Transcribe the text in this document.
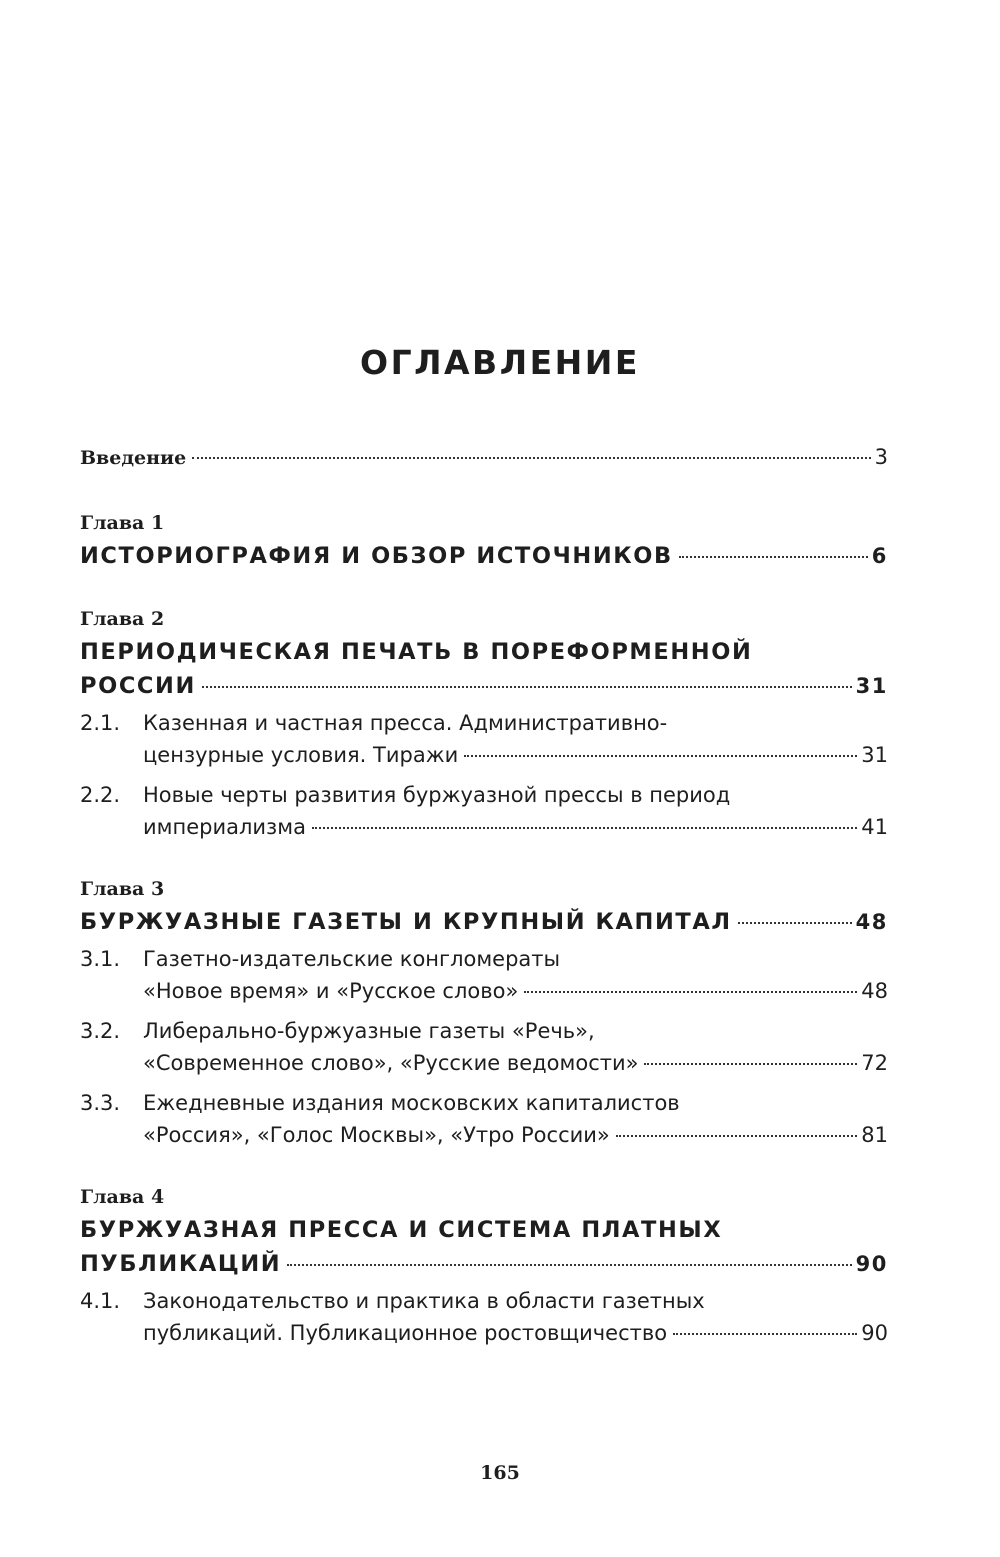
ОГЛАВЛЕНИЕ
Введение	3
Глава 1
ИСТОРИОГРАФИЯ И ОБЗОР ИСТОЧНИКОВ	6
Глава 2
ПЕРИОДИЧЕСКАЯ ПЕЧАТЬ В ПОРЕФОРМЕННОЙ
РОССИИ	31
2.1. Казенная и частная пресса. Административно-
цензурные условия. Тиражи	31
2.2. Новые черты развития буржуазной прессы в период
империализма	41
Глава 3
БУРЖУАЗНЫЕ ГАЗЕТЫ И КРУПНЫЙ КАПИТАЛ	48
3.1. Газетно-издательские конгломераты
«Новое время» и «Русское слово»	48
3.2. Либерально-буржуазные газеты «Речь»,
«Современное слово», «Русские ведомости»	72
3.3. Ежедневные издания московских капиталистов
«Россия», «Голос Москвы», «Утро России»	81
Глава 4
БУРЖУАЗНАЯ ПРЕССА И СИСТЕМА ПЛАТНЫХ
ПУБЛИКАЦИЙ	90
4.1. Законодательство и практика в области газетных
публикаций. Публикационное ростовщичество	90
165
